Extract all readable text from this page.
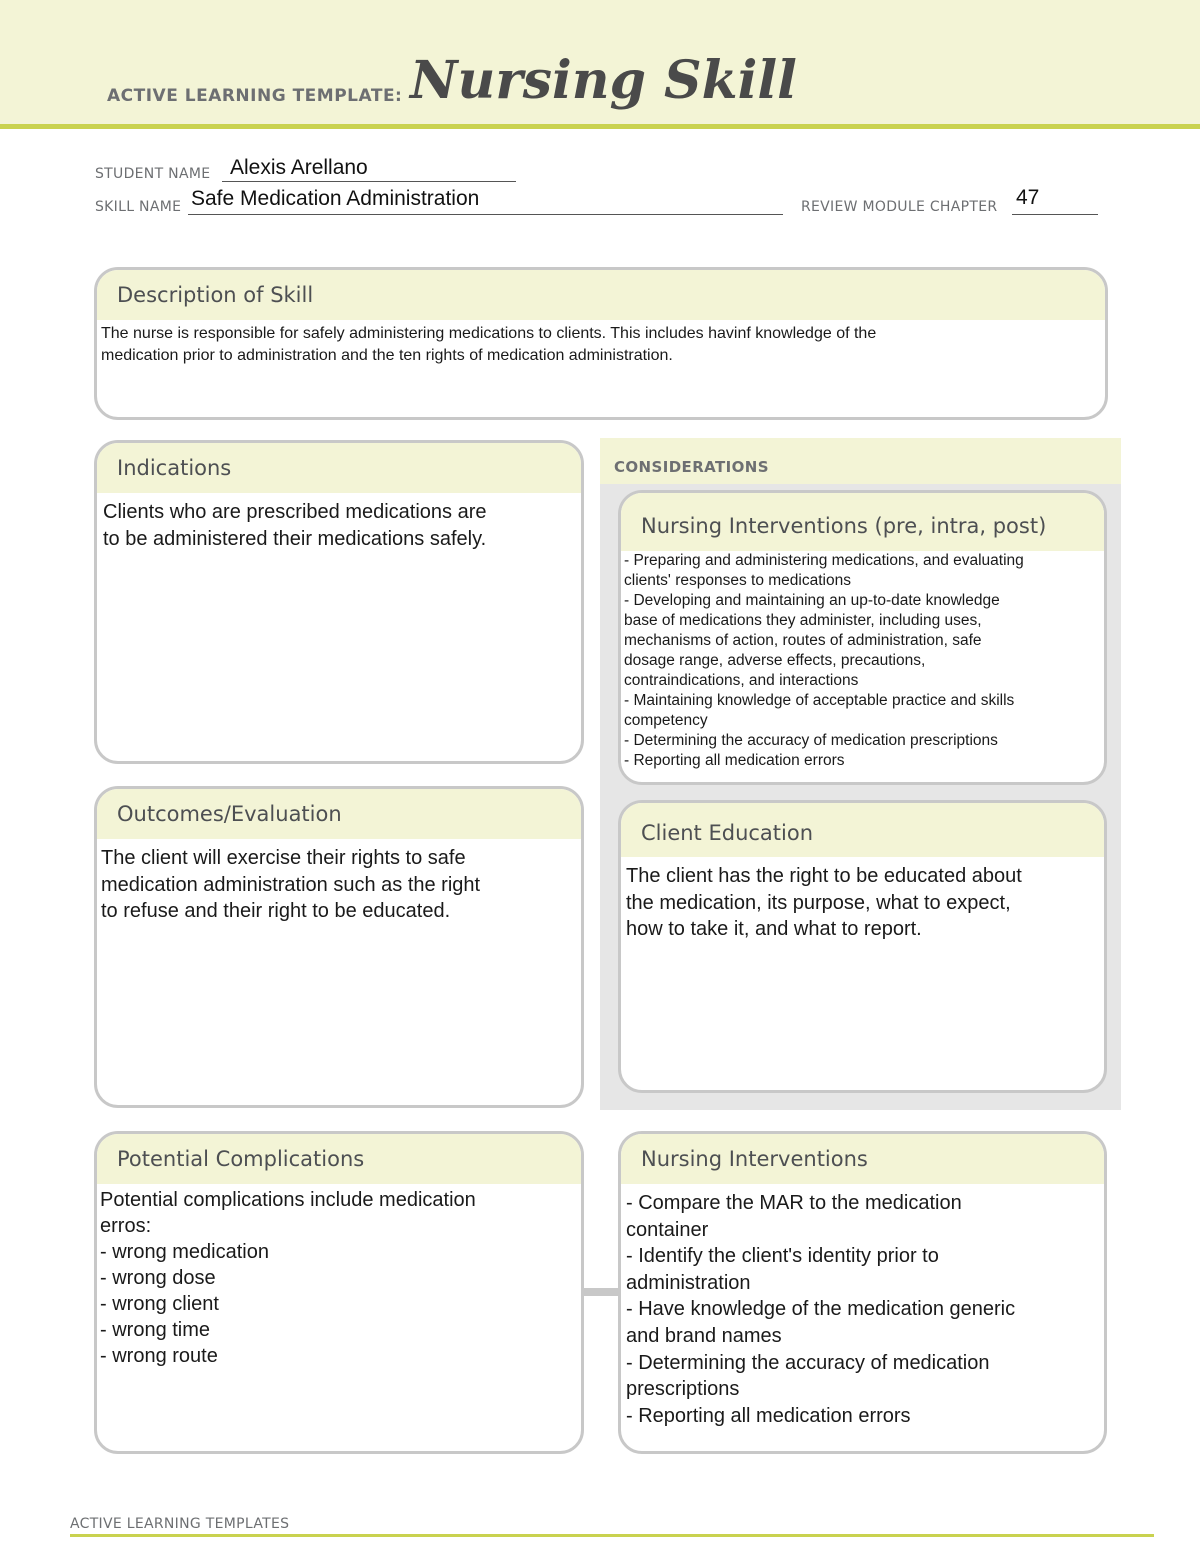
ACTIVE LEARNING TEMPLATE: Nursing Skill
STUDENT NAME Alexis Arellano
SKILL NAME Safe Medication Administration	REVIEW MODULE CHAPTER 47
Description of Skill
The nurse is responsible for safely administering medications to clients. This includes havinf knowledge of the
medication prior to administration and the ten rights of medication administration.
Indications
Clients who are prescribed medications are
to be administered their medications safely.
CONSIDERATIONS
Nursing Interventions (pre, intra, post)
- Preparing and administering medications, and evaluating
clients' responses to medications
- Developing and maintaining an up-to-date knowledge
base of medications they administer, including uses,
mechanisms of action, routes of administration, safe
dosage range, adverse effects, precautions,
contraindications, and interactions
- Maintaining knowledge of acceptable practice and skills
competency
- Determining the accuracy of medication prescriptions
- Reporting all medication errors
Outcomes/Evaluation
The client will exercise their rights to safe
medication administration such as the right
to refuse and their right to be educated.
Client Education
The client has the right to be educated about
the medication, its purpose, what to expect,
how to take it, and what to report.
Potential Complications
Potential complications include medication
erros:
- wrong medication
- wrong dose
- wrong client
- wrong time
- wrong route
Nursing Interventions
- Compare the MAR to the medication
container
- Identify the client's identity prior to
administration
- Have knowledge of the medication generic
and brand names
- Determining the accuracy of medication
prescriptions
- Reporting all medication errors
ACTIVE LEARNING TEMPLATES
